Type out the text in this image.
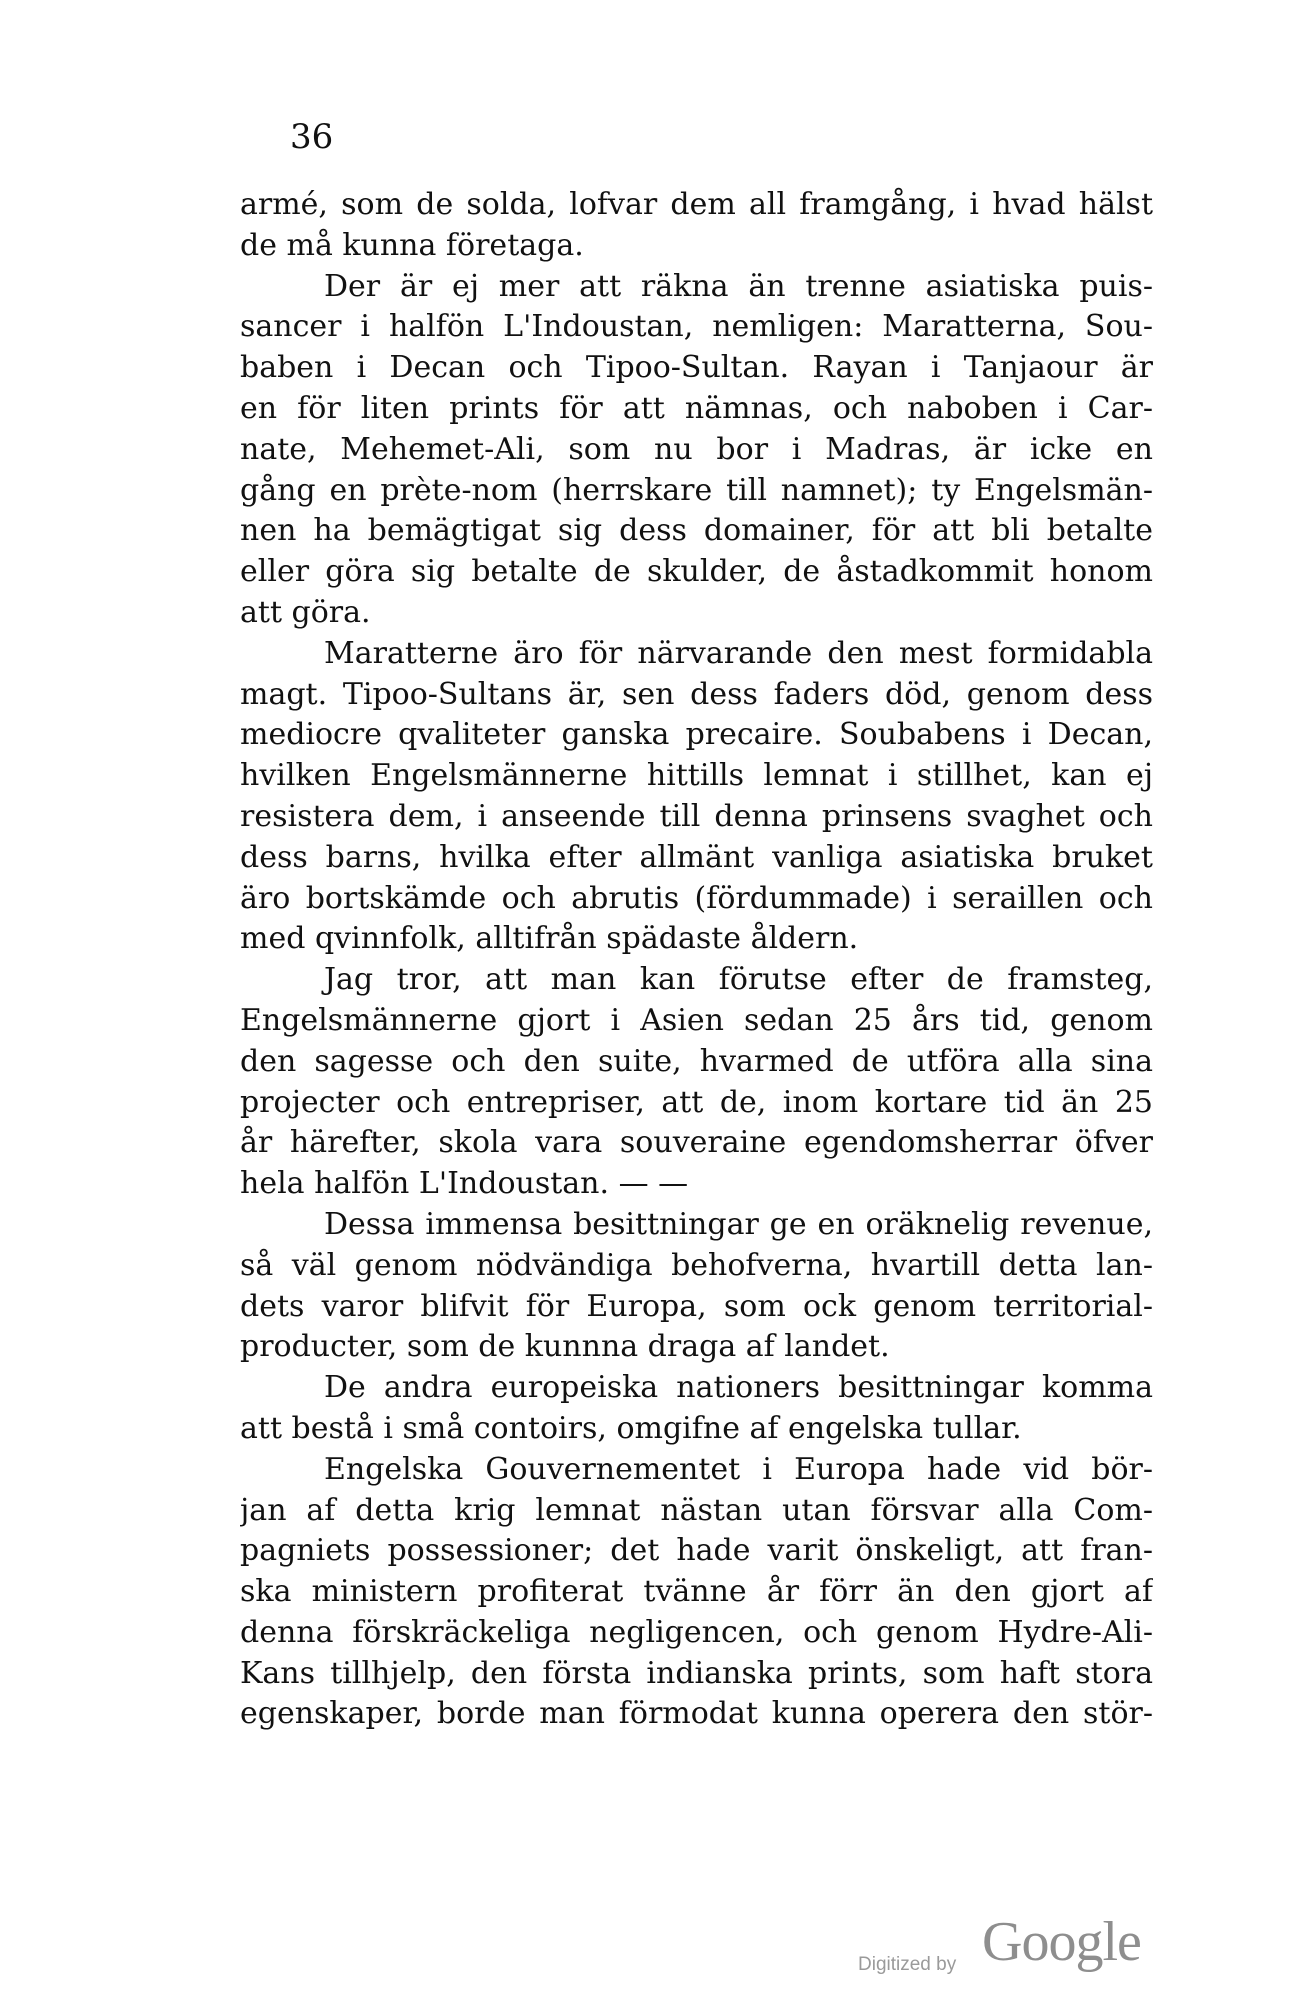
36
armé, som de solda, lofvar dem all framgång, i hvad hälst
de må kunna företaga.
Der är ej mer att räkna än trenne asiatiska puis-
sancer i halfön L'Indoustan, nemligen: Maratterna, Sou-
baben i Decan och Tipoo-Sultan. Rayan i Tanjaour är
en för liten prints för att nämnas, och naboben i Car-
nate, Mehemet-Ali, som nu bor i Madras, är icke en
gång en prète-nom (herrskare till namnet); ty Engelsmän-
nen ha bemägtigat sig dess domainer, för att bli betalte
eller göra sig betalte de skulder, de åstadkommit honom
att göra.
Maratterne äro för närvarande den mest formidabla
magt. Tipoo-Sultans är, sen dess faders död, genom dess
mediocre qvaliteter ganska precaire. Soubabens i Decan,
hvilken Engelsmännerne hittills lemnat i stillhet, kan ej
resistera dem, i anseende till denna prinsens svaghet och
dess barns, hvilka efter allmänt vanliga asiatiska bruket
äro bortskämde och abrutis (fördummade) i seraillen och
med qvinnfolk, alltifrån spädaste åldern.
Jag tror, att man kan förutse efter de framsteg,
Engelsmännerne gjort i Asien sedan 25 års tid, genom
den sagesse och den suite, hvarmed de utföra alla sina
projecter och entrepriser, att de, inom kortare tid än 25
år härefter, skola vara souveraine egendomsherrar öfver
hela halfön L'Indoustan. — —
Dessa immensa besittningar ge en oräknelig revenue,
så väl genom nödvändiga behofverna, hvartill detta lan-
dets varor blifvit för Europa, som ock genom territorial-
producter, som de kunnna draga af landet.
De andra europeiska nationers besittningar komma
att bestå i små contoirs, omgifne af engelska tullar.
Engelska Gouvernementet i Europa hade vid bör-
jan af detta krig lemnat nästan utan försvar alla Com-
pagniets possessioner; det hade varit önskeligt, att fran-
ska ministern profiterat tvänne år förr än den gjort af
denna förskräckeliga negligencen, och genom Hydre-Ali-
Kans tillhjelp, den första indianska prints, som haft stora
egenskaper, borde man förmodat kunna operera den stör-
Digitized by Google
